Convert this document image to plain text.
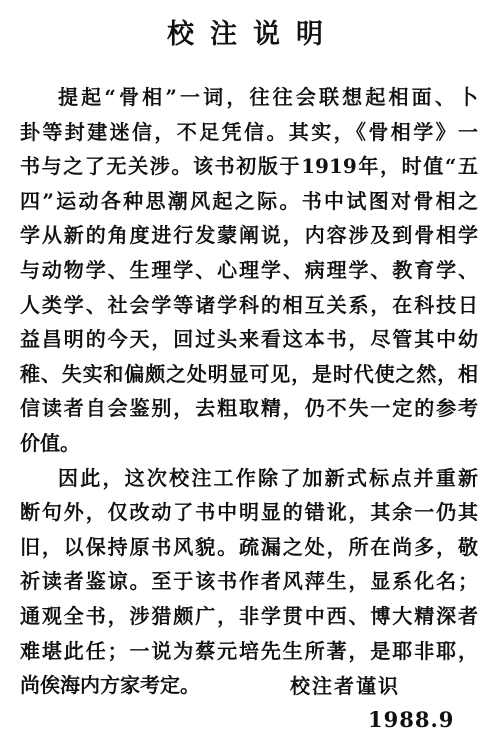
校注说明
提起“骨相”一词，往往会联想起相面、卜
卦等封建迷信，不足凭信。其实，《骨相学》一
书与之了无关涉。该书初版于1919年，时值“五
四”运动各种思潮风起之际。书中试图对骨相之
学从新的角度进行发蒙阐说，内容涉及到骨相学
与动物学、生理学、心理学、病理学、教育学、
人类学、社会学等诸学科的相互关系，在科技日
益昌明的今天，回过头来看这本书，尽管其中幼
稚、失实和偏颇之处明显可见，是时代使之然，相
信读者自会鉴别，去粗取精，仍不失一定的参考
价值。
因此，这次校注工作除了加新式标点并重新
断句外，仅改动了书中明显的错讹，其余一仍其
旧，以保持原书风貌。疏漏之处，所在尚多，敬
祈读者鉴谅。至于该书作者风萍生，显系化名；
通观全书，涉猎颇广，非学贯中西、博大精深者
难堪此任；一说为蔡元培先生所著，是耶非耶，
尚俟海内方家考定。	校注者谨识

1988.9
